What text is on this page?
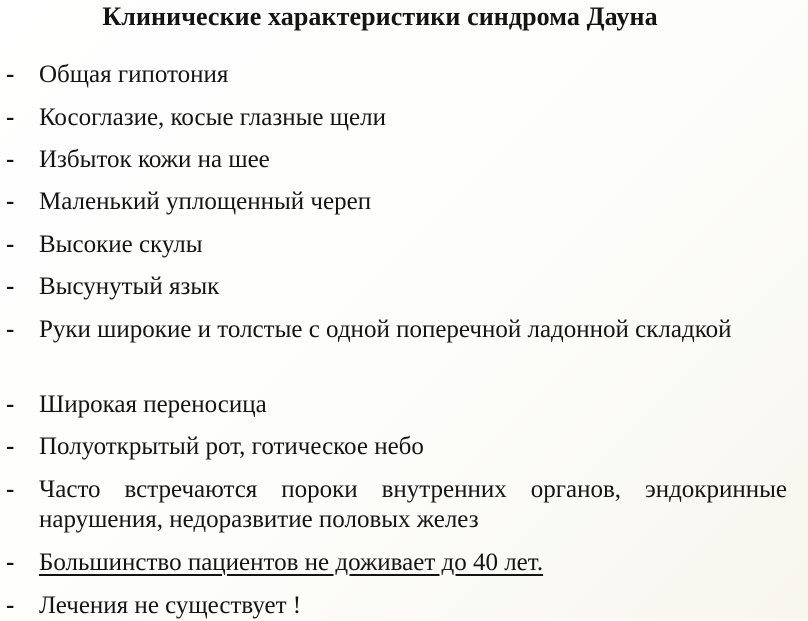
Клинические характеристики синдрома Дауна
- Общая гипотония
- Косоглазие, косые глазные щели
- Избыток кожи на шее
- Маленький уплощенный череп
- Высокие скулы
- Высунутый язык
- Руки широкие и толстые с одной поперечной ладонной складкой
- Широкая переносица
- Полуоткрытый рот, готическое небо
- Часто встречаются пороки внутренних органов, эндокринные нарушения, недоразвитие половых желез
- Большинство пациентов не доживает до 40 лет.
- Лечения не существует !
